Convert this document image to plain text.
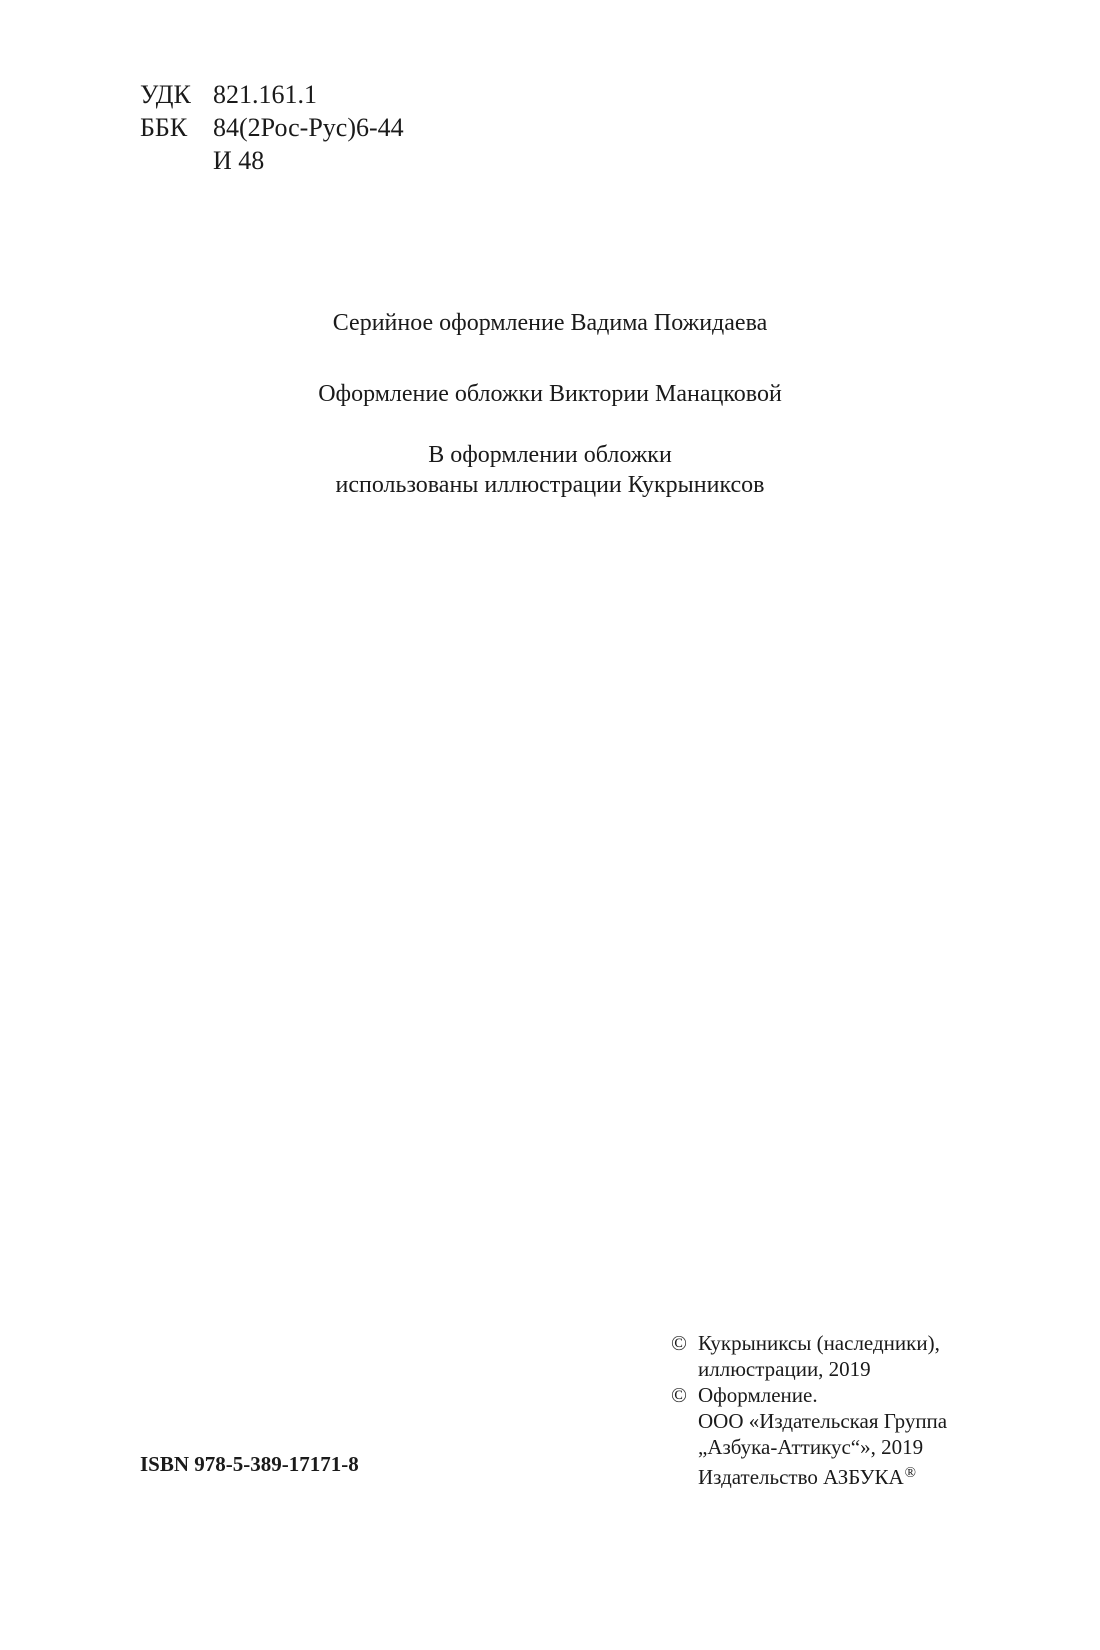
УДК 821.161.1
ББК 84(2Рос-Рус)6-44
И 48
Серийное оформление Вадима Пожидаева
Оформление обложки Виктории Манацковой
В оформлении обложки
использованы иллюстрации Кукрыниксов
ISBN 978-5-389-17171-8
© Кукрыниксы (наследники),
иллюстрации, 2019
© Оформление.
ООО «Издательская Группа
„Азбука-Аттикус“», 2019
Издательство АЗБУКА®
